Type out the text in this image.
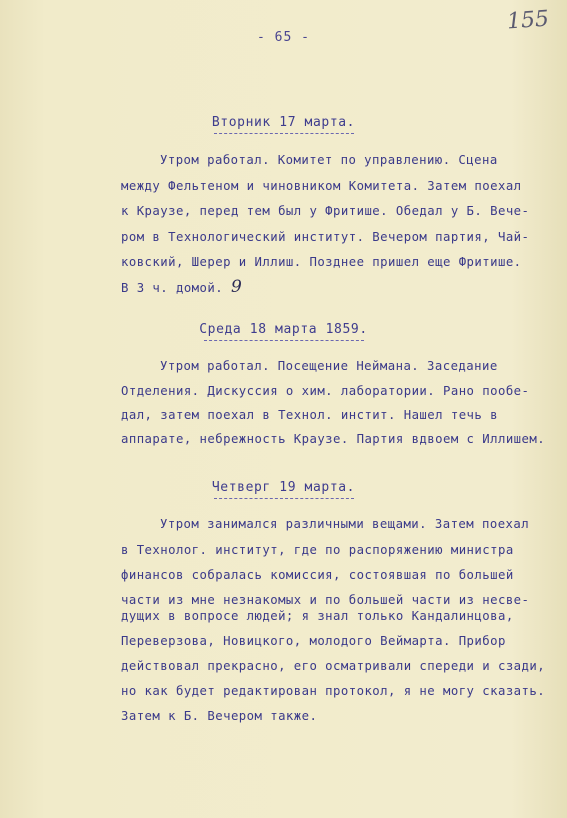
155
- 65 -
Вторник 17 марта.
Утром работал. Комитет по управлению. Сцена
между Фельтеном и чиновником Комитета. Затем поехал
к Краузе, перед тем был у Фритише. Обедал у Б. Вече-
ром в Технологический институт. Вечером партия, Чай-
ковский, Шерер и Иллиш. Позднее пришел еще Фритише.
В 3 ч. домой. 9
Среда 18 марта 1859.
Утром работал. Посещение Неймана. Заседание
Отделения. Дискуссия о хим. лаборатории. Рано пообе-
дал, затем поехал в Технол. инстит. Нашел течь в
аппарате, небрежность Краузе. Партия вдвоем с Иллишем.
Четверг 19 марта.
Утром занимался различными вещами. Затем поехал
в Технолог. институт, где по распоряжению министра
финансов собралась комиссия, состоявшая по большей
части из мне незнакомых и по большей части из несве-
дущих в вопросе людей; я знал только Кандалинцова,
Переверзова, Новицкого, молодого Веймарта. Прибор
действовал прекрасно, его осматривали спереди и сзади,
но как будет редактирован протокол, я не могу сказать.
Затем к Б. Вечером также.
